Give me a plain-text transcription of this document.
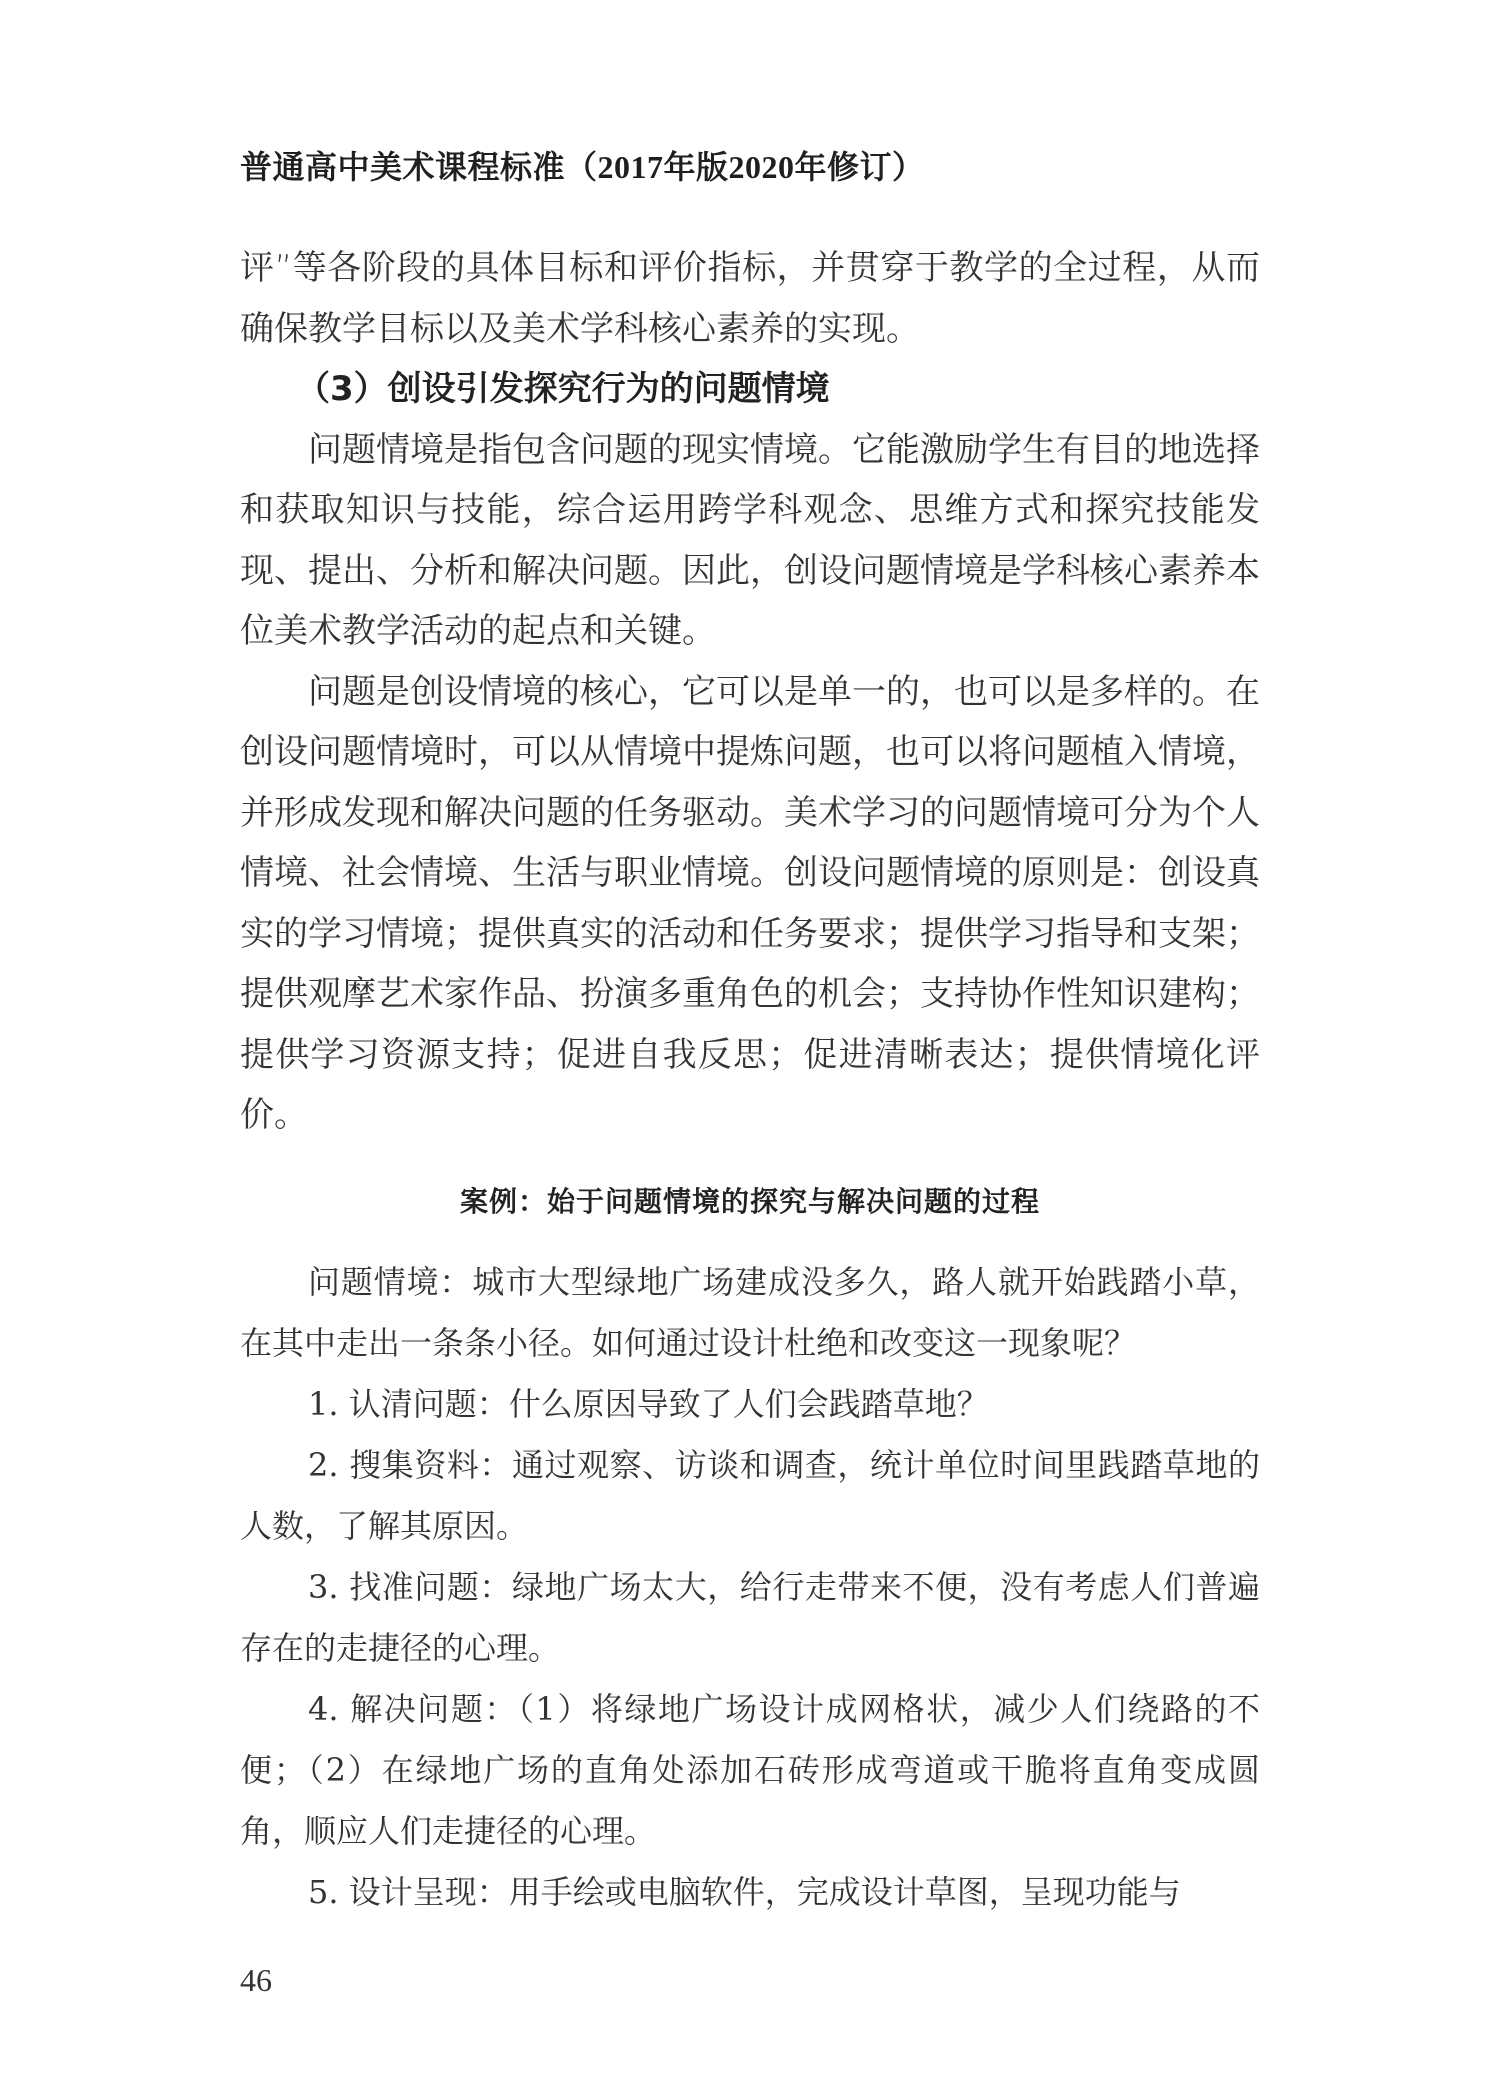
普通高中美术课程标准（2017年版2020年修订）

评”等各阶段的具体目标和评价指标，并贯穿于教学的全过程，从而确保教学目标以及美术学科核心素养的实现。

（3）创设引发探究行为的问题情境

问题情境是指包含问题的现实情境。它能激励学生有目的地选择和获取知识与技能，综合运用跨学科观念、思维方式和探究技能发现、提出、分析和解决问题。因此，创设问题情境是学科核心素养本位美术教学活动的起点和关键。

问题是创设情境的核心，它可以是单一的，也可以是多样的。在创设问题情境时，可以从情境中提炼问题，也可以将问题植入情境，并形成发现和解决问题的任务驱动。美术学习的问题情境可分为个人情境、社会情境、生活与职业情境。创设问题情境的原则是：创设真实的学习情境；提供真实的活动和任务要求；提供学习指导和支架；提供观摩艺术家作品、扮演多重角色的机会；支持协作性知识建构；提供学习资源支持；促进自我反思；促进清晰表达；提供情境化评价。

案例：始于问题情境的探究与解决问题的过程

问题情境：城市大型绿地广场建成没多久，路人就开始践踏小草，在其中走出一条条小径。如何通过设计杜绝和改变这一现象呢？

1. 认清问题：什么原因导致了人们会践踏草地？

2. 搜集资料：通过观察、访谈和调查，统计单位时间里践踏草地的人数，了解其原因。

3. 找准问题：绿地广场太大，给行走带来不便，没有考虑人们普遍存在的走捷径的心理。

4. 解决问题：（1）将绿地广场设计成网格状，减少人们绕路的不便；（2）在绿地广场的直角处添加石砖形成弯道或干脆将直角变成圆角，顺应人们走捷径的心理。

5. 设计呈现：用手绘或电脑软件，完成设计草图，呈现功能与

46
